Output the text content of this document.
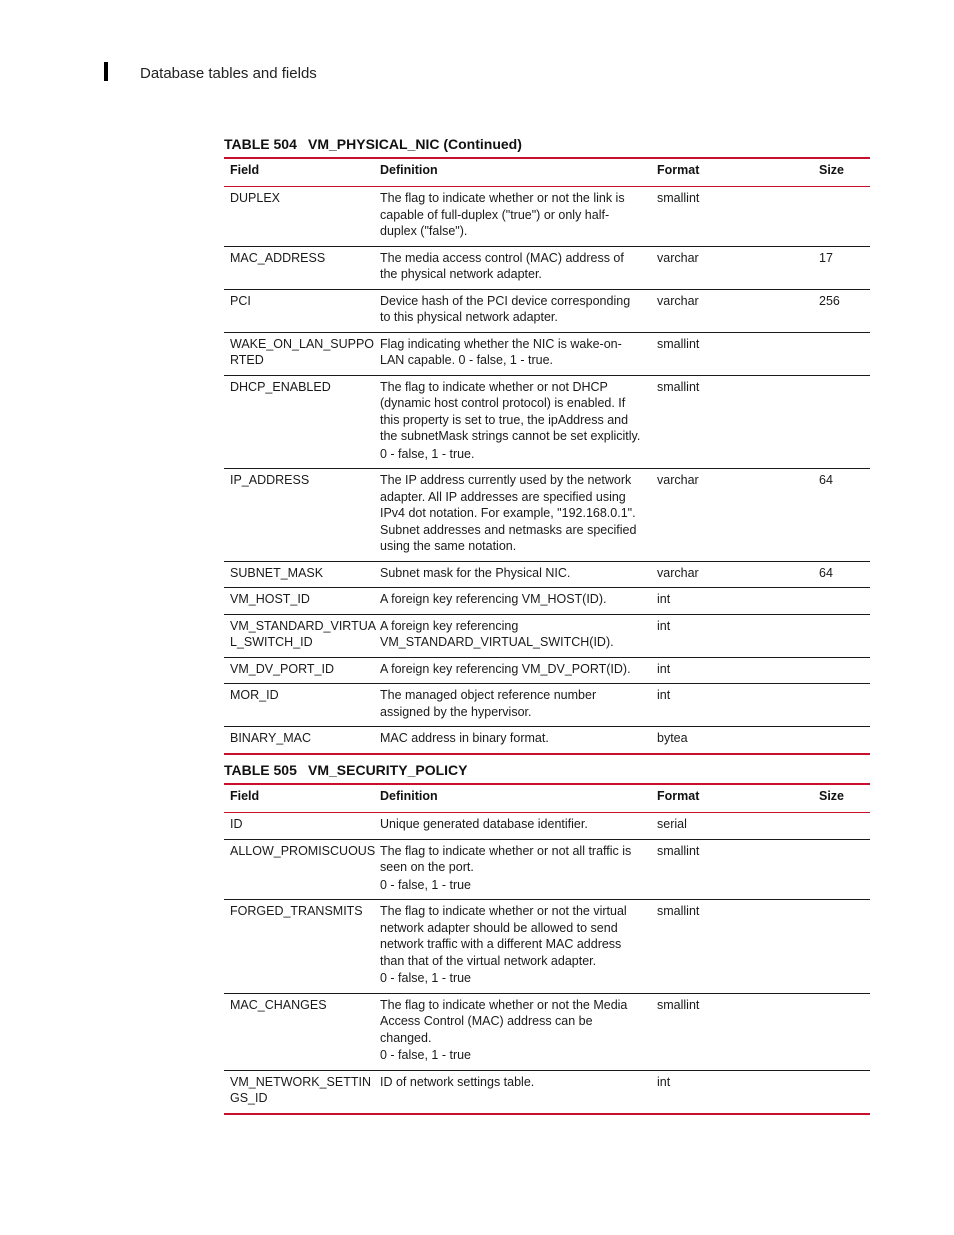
Database tables and fields
TABLE 504 VM_PHYSICAL_NIC (Continued)
Field	Definition	Format	Size
DUPLEX	The flag to indicate whether or not the link is capable of full-duplex ("true") or only half-duplex ("false").	smallint	
MAC_ADDRESS	The media access control (MAC) address of the physical network adapter.	varchar	17
PCI	Device hash of the PCI device corresponding to this physical network adapter.	varchar	256
WAKE_ON_LAN_SUPPO RTED	Flag indicating whether the NIC is wake-on-LAN capable. 0 - false, 1 - true.	smallint	
DHCP_ENABLED	The flag to indicate whether or not DHCP (dynamic host control protocol) is enabled. If this property is set to true, the ipAddress and the subnetMask strings cannot be set explicitly.
0 - false, 1 - true.	smallint	
IP_ADDRESS	The IP address currently used by the network adapter. All IP addresses are specified using IPv4 dot notation. For example, "192.168.0.1". Subnet addresses and netmasks are specified using the same notation.	varchar	64
SUBNET_MASK	Subnet mask for the Physical NIC.	varchar	64
VM_HOST_ID	A foreign key referencing VM_HOST(ID).	int	
VM_STANDARD_VIRTUA L_SWITCH_ID	A foreign key referencing VM_STANDARD_VIRTUAL_SWITCH(ID).	int	
VM_DV_PORT_ID	A foreign key referencing VM_DV_PORT(ID).	int	
MOR_ID	The managed object reference number assigned by the hypervisor.	int	
BINARY_MAC	MAC address in binary format.	bytea	
TABLE 505 VM_SECURITY_POLICY
Field	Definition	Format	Size
ID	Unique generated database identifier.	serial	
ALLOW_PROMISCUOUS	The flag to indicate whether or not all traffic is seen on the port.
0 - false, 1 - true	smallint	
FORGED_TRANSMITS	The flag to indicate whether or not the virtual network adapter should be allowed to send network traffic with a different MAC address than that of the virtual network adapter.
0 - false, 1 - true	smallint	
MAC_CHANGES	The flag to indicate whether or not the Media Access Control (MAC) address can be changed.
0 - false, 1 - true	smallint	
VM_NETWORK_SETTIN GS_ID	ID of network settings table.	int	
